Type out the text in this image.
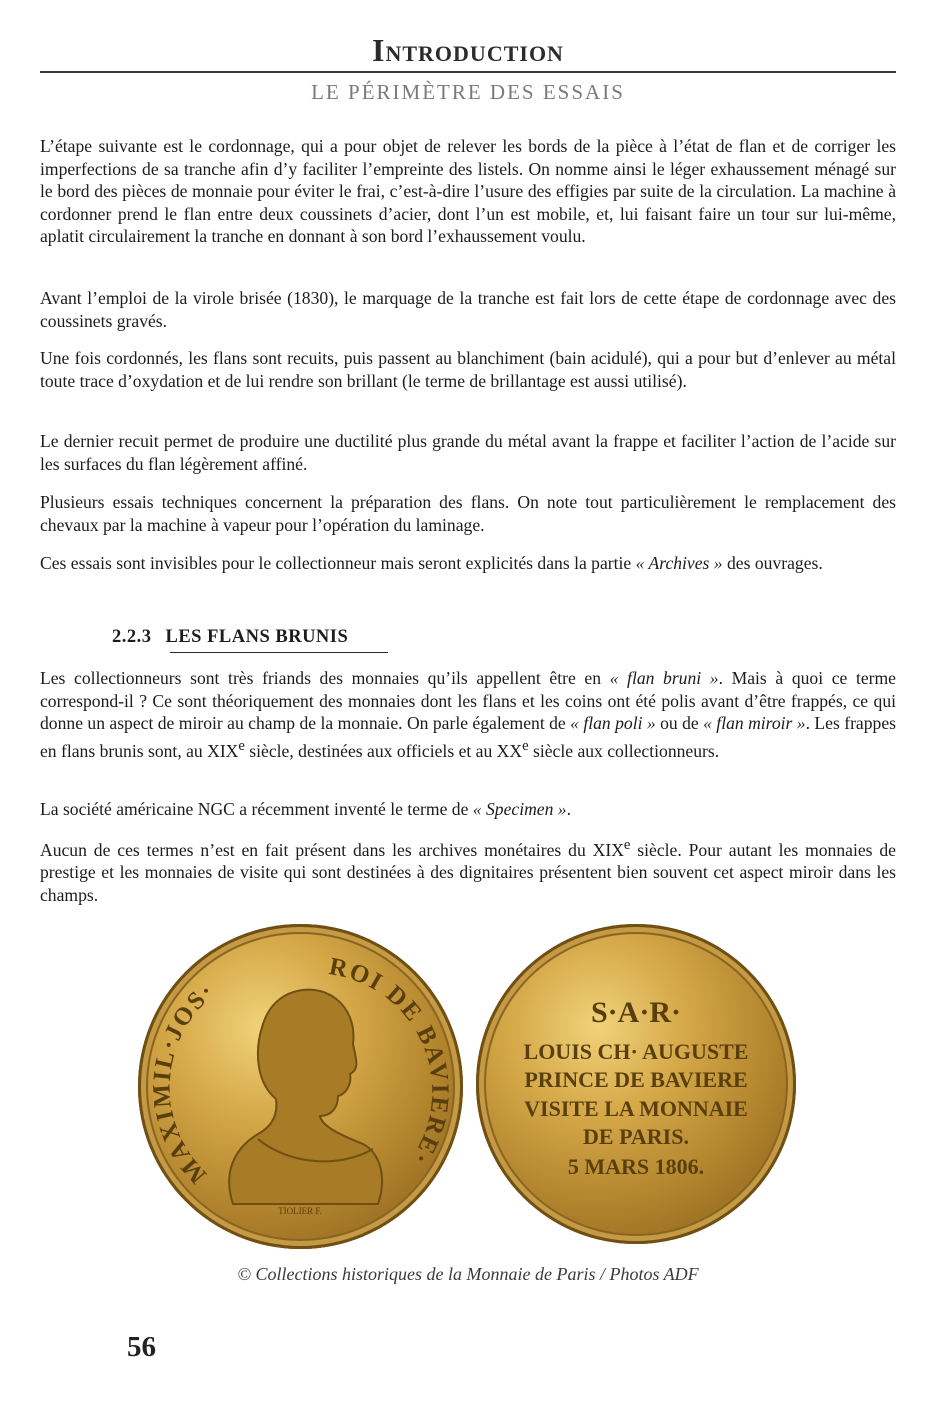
Introduction
LE PÉRIMÈTRE DES ESSAIS

L’étape suivante est le cordonnage, qui a pour objet de relever les bords de la pièce à l’état de flan et de corriger les imperfections de sa tranche afin d’y faciliter l’empreinte des listels. On nomme ainsi le léger exhaussement ménagé sur le bord des pièces de monnaie pour éviter le frai, c’est-à-dire l’usure des effigies par suite de la circulation. La machine à cordonner prend le flan entre deux coussinets d’acier, dont l’un est mobile, et, lui faisant faire un tour sur lui-même, aplatit circulairement la tranche en donnant à son bord l’exhaussement voulu.

Avant l’emploi de la virole brisée (1830), le marquage de la tranche est fait lors de cette étape de cordonnage avec des coussinets gravés.

Une fois cordonnés, les flans sont recuits, puis passent au blanchiment (bain acidulé), qui a pour but d’enlever au métal toute trace d’oxydation et de lui rendre son brillant (le terme de brillantage est aussi utilisé).

Le dernier recuit permet de produire une ductilité plus grande du métal avant la frappe et faciliter l’action de l’acide sur les surfaces du flan légèrement affiné.

Plusieurs essais techniques concernent la préparation des flans. On note tout particulièrement le remplacement des chevaux par la machine à vapeur pour l’opération du laminage.

Ces essais sont invisibles pour le collectionneur mais seront explicités dans la partie « Archives » des ouvrages.

2.2.3 LES FLANS BRUNIS

Les collectionneurs sont très friands des monnaies qu’ils appellent être en « flan bruni ». Mais à quoi ce terme correspond-il ? Ce sont théoriquement des monnaies dont les flans et les coins ont été polis avant d’être frappés, ce qui donne un aspect de miroir au champ de la monnaie. On parle également de « flan poli » ou de « flan miroir ». Les frappes en flans brunis sont, au XIXe siècle, destinées aux officiels et au XXe siècle aux collectionneurs.

La société américaine NGC a récemment inventé le terme de « Specimen ».

Aucun de ces termes n’est en fait présent dans les archives monétaires du XIXe siècle. Pour autant les monnaies de prestige et les monnaies de visite qui sont destinées à des dignitaires présentent bien souvent cet aspect miroir dans les champs.

MAXIMIL·JOS·
ROI DE BAVIERE·
TIOLIER F.
S·A·R·
LOUIS CH· AUGUSTE
PRINCE DE BAVIERE
VISITE LA MONNAIE
DE PARIS.
5 MARS 1806.
© Collections historiques de la Monnaie de Paris / Photos ADF
56
